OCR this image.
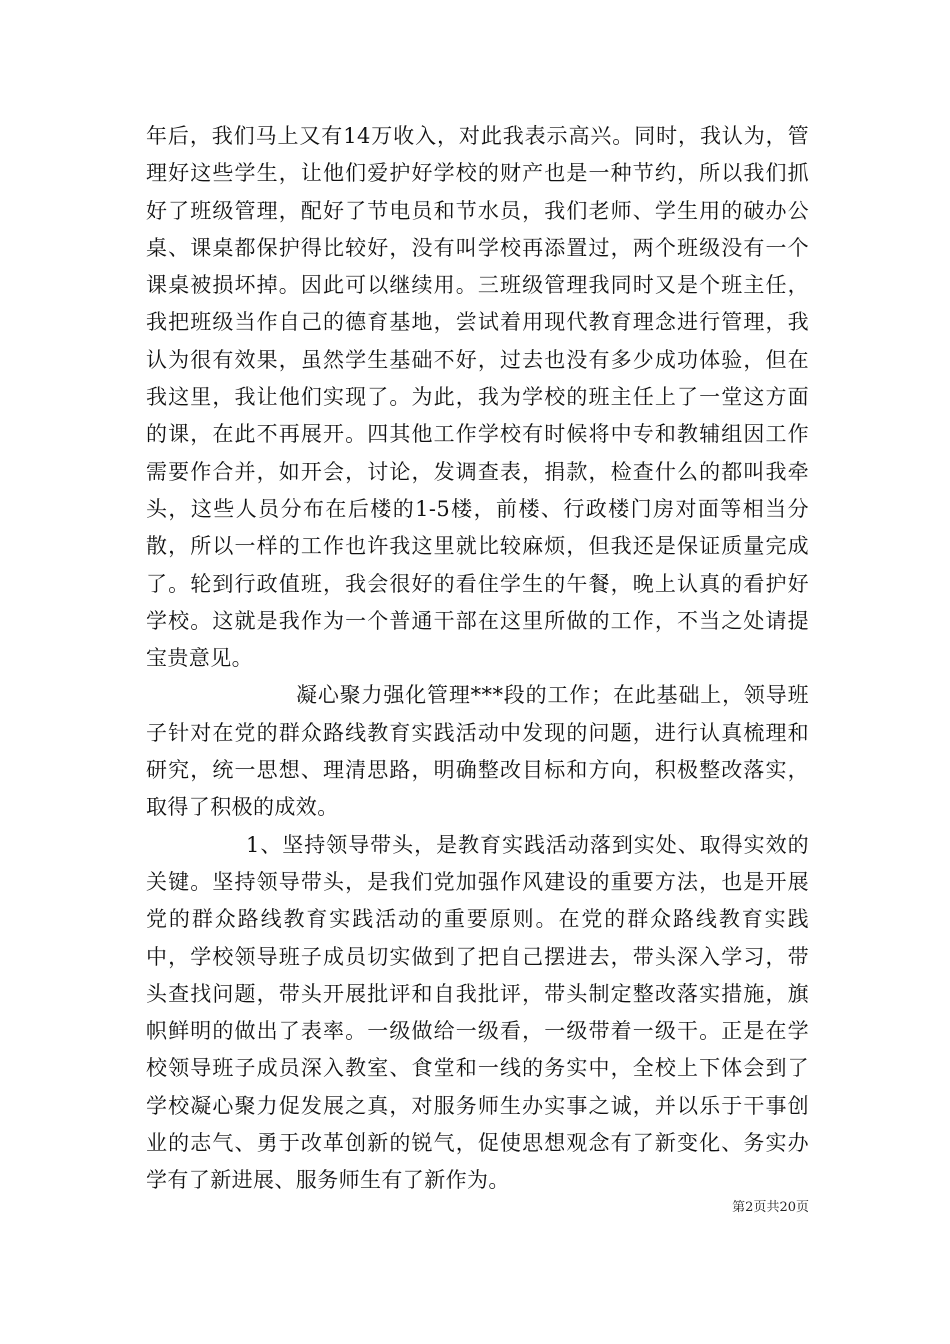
年后，我们马上又有14万收入，对此我表示高兴。同时，我认为，管理好这些学生，让他们爱护好学校的财产也是一种节约，所以我们抓好了班级管理，配好了节电员和节水员，我们老师、学生用的破办公桌、课桌都保护得比较好，没有叫学校再添置过，两个班级没有一个课桌被损坏掉。因此可以继续用。三班级管理我同时又是个班主任，我把班级当作自己的德育基地，尝试着用现代教育理念进行管理，我认为很有效果，虽然学生基础不好，过去也没有多少成功体验，但在我这里，我让他们实现了。为此，我为学校的班主任上了一堂这方面的课，在此不再展开。四其他工作学校有时候将中专和教辅组因工作需要作合并，如开会，讨论，发调查表，捐款，检查什么的都叫我牵头，这些人员分布在后楼的1-5楼，前楼、行政楼门房对面等相当分散，所以一样的工作也许我这里就比较麻烦，但我还是保证质量完成了。轮到行政值班，我会很好的看住学生的午餐，晚上认真的看护好学校。这就是我作为一个普通干部在这里所做的工作，不当之处请提宝贵意见。

凝心聚力强化管理***段的工作；在此基础上，领导班子针对在党的群众路线教育实践活动中发现的问题，进行认真梳理和研究，统一思想、理清思路，明确整改目标和方向，积极整改落实，取得了积极的成效。

1、坚持领导带头，是教育实践活动落到实处、取得实效的关键。坚持领导带头，是我们党加强作风建设的重要方法，也是开展党的群众路线教育实践活动的重要原则。在党的群众路线教育实践中，学校领导班子成员切实做到了把自己摆进去，带头深入学习，带头查找问题，带头开展批评和自我批评，带头制定整改落实措施，旗帜鲜明的做出了表率。一级做给一级看，一级带着一级干。正是在学校领导班子成员深入教室、食堂和一线的务实中，全校上下体会到了学校凝心聚力促发展之真，对服务师生办实事之诚，并以乐于干事创业的志气、勇于改革创新的锐气，促使思想观念有了新变化、务实办学有了新进展、服务师生有了新作为。

第2页共20页
